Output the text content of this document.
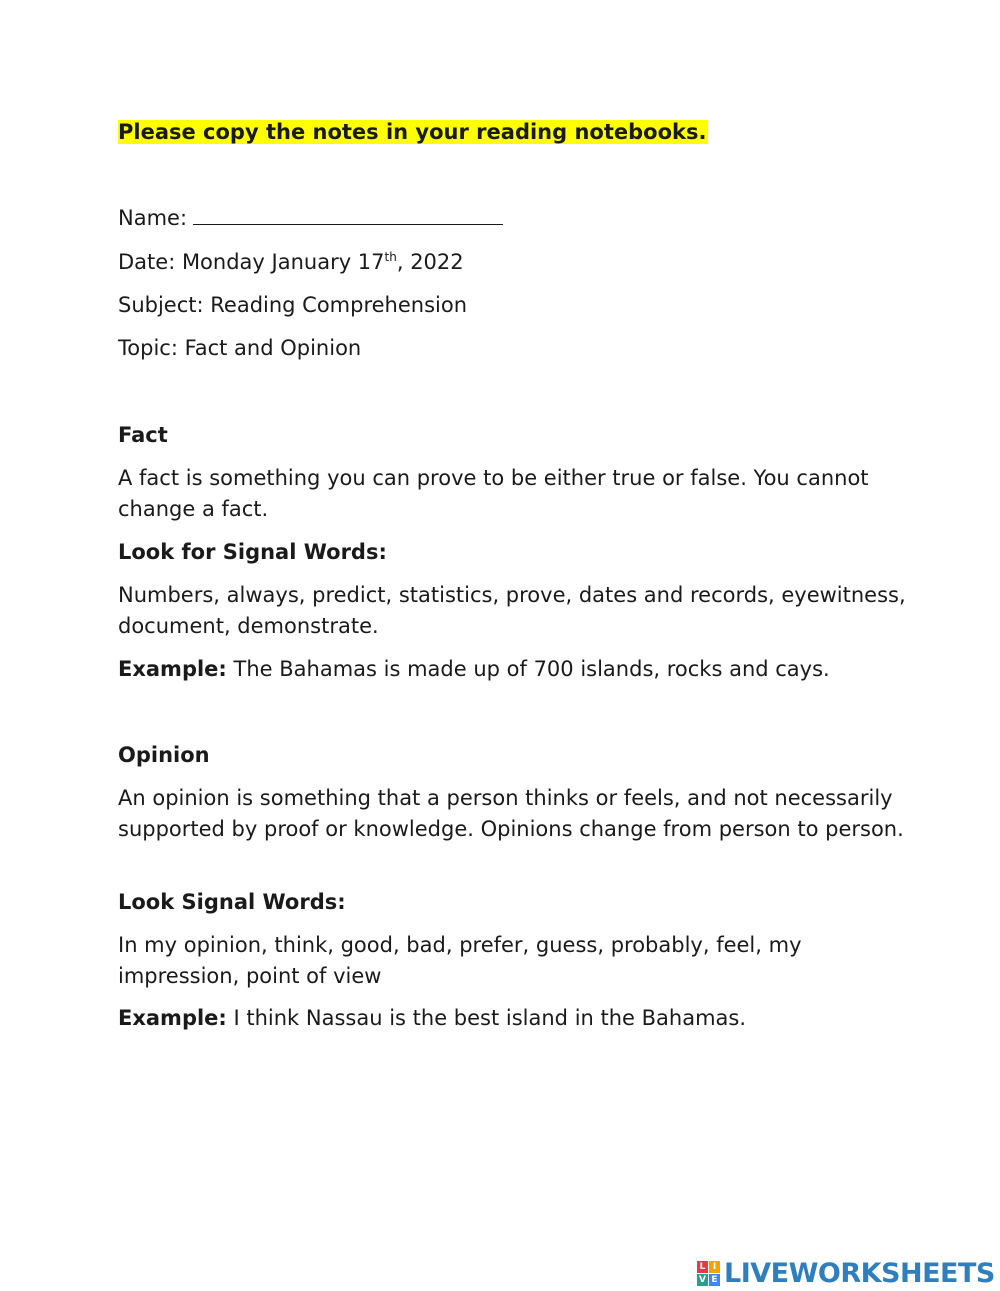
Please copy the notes in your reading notebooks.
Name:
Date: Monday January 17th, 2022
Subject: Reading Comprehension
Topic: Fact and Opinion
Fact
A fact is something you can prove to be either true or false. You cannot change a fact.
Look for Signal Words:
Numbers, always, predict, statistics, prove, dates and records, eyewitness, document, demonstrate.
Example: The Bahamas is made up of 700 islands, rocks and cays.
Opinion
An opinion is something that a person thinks or feels, and not necessarily supported by proof or knowledge. Opinions change from person to person.
Look Signal Words:
In my opinion, think, good, bad, prefer, guess, probably, feel, my impression, point of view
Example: I think Nassau is the best island in the Bahamas.
L I
V E LIVEWORKSHEETS
